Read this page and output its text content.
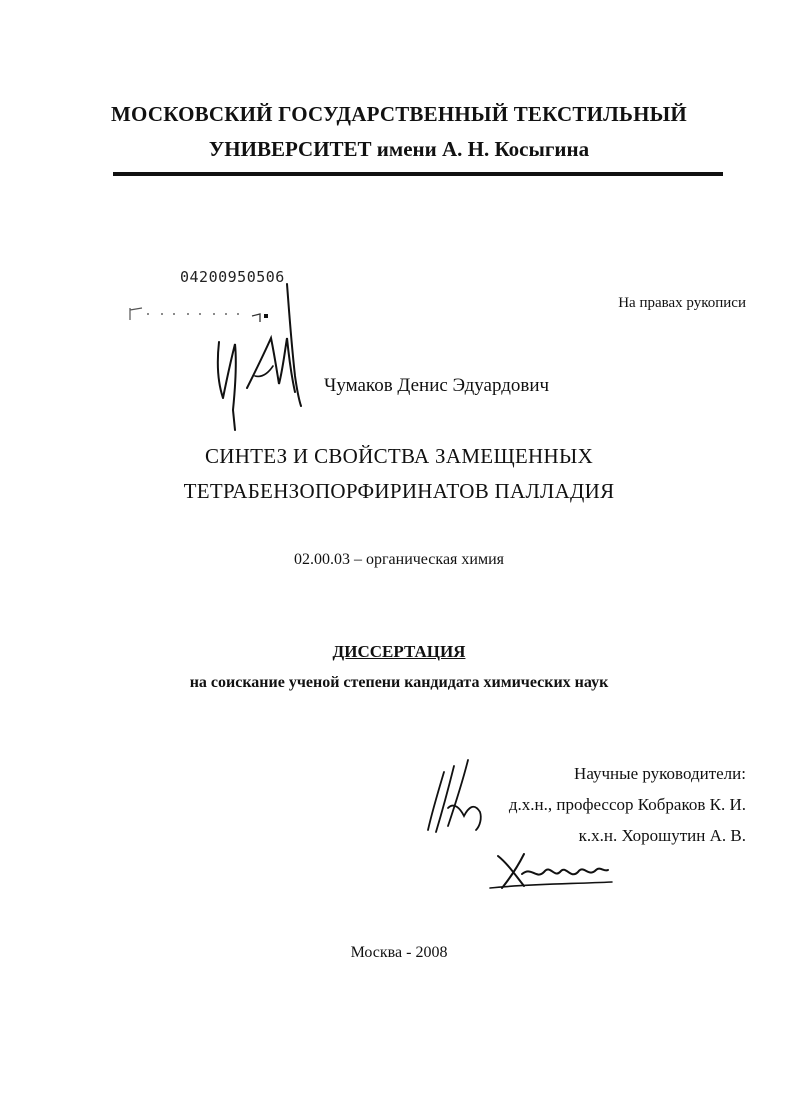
МОСКОВСКИЙ ГОСУДАРСТВЕННЫЙ ТЕКСТИЛЬНЫЙ
УНИВЕРСИТЕТ имени А. Н. Косыгина
04200950506
На правах рукописи
Чумаков Денис Эдуардович
СИНТЕЗ И СВОЙСТВА ЗАМЕЩЕННЫХ
ТЕТРАБЕНЗОПОРФИРИНАТОВ ПАЛЛАДИЯ
02.00.03 – органическая химия
ДИССЕРТАЦИЯ
на соискание ученой степени кандидата химических наук
Научные руководители:
д.х.н., профессор Кобраков К. И.
к.х.н. Хорошутин А. В.
Москва - 2008
